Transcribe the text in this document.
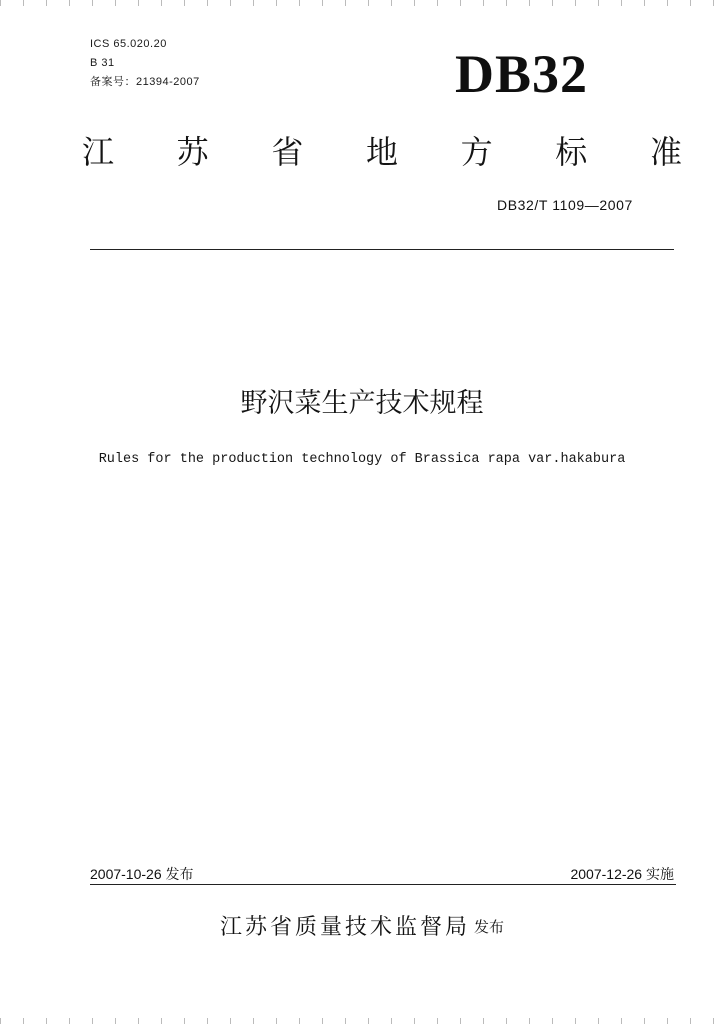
ICS 65.020.20
B 31
备案号：21394-2007	DB32
江 苏 省 地 方 标 准
DB32/T 1109—2007
野沢菜生产技术规程
Rules for the production technology of Brassica rapa var.hakabura
2007-10-26 发布	2007-12-26 实施
江苏省质量技术监督局 发布
